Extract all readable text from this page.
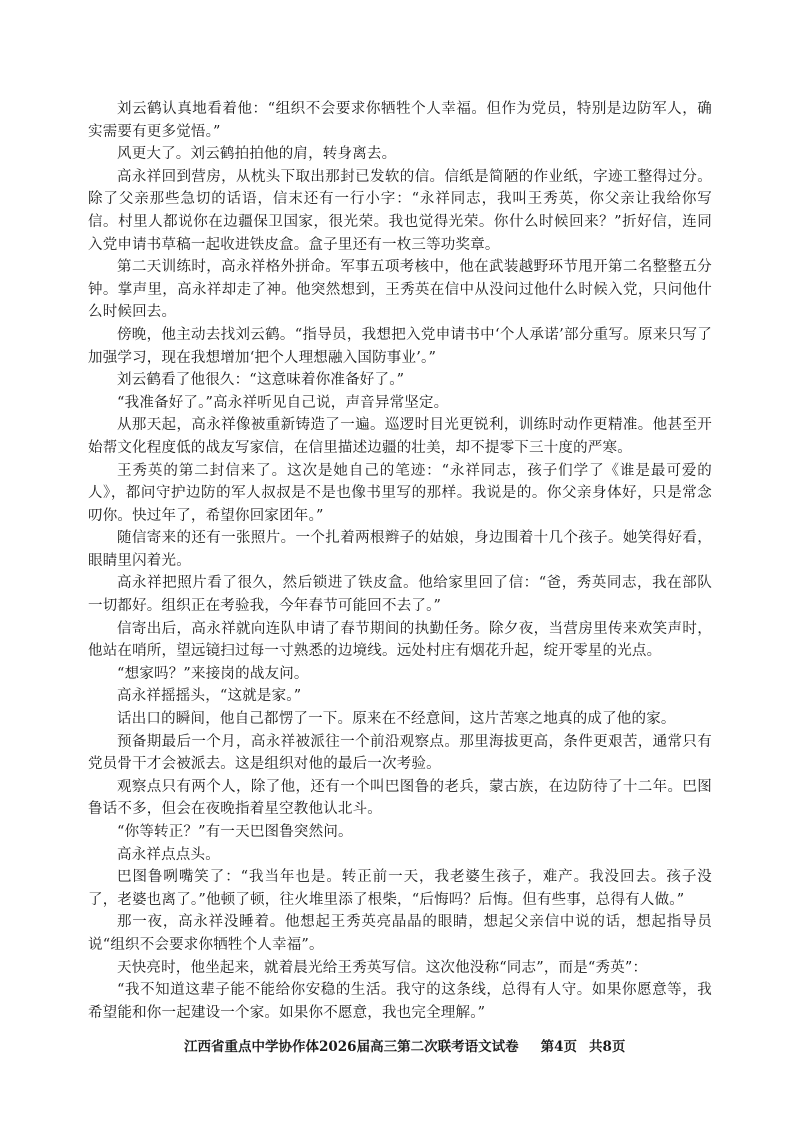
刘云鹤认真地看着他：“组织不会要求你牺牲个人幸福。但作为党员，特别是边防军人，确实需要有更多觉悟。”

风更大了。刘云鹤拍拍他的肩，转身离去。

高永祥回到营房，从枕头下取出那封已发软的信。信纸是简陋的作业纸，字迹工整得过分。除了父亲那些急切的话语，信末还有一行小字：“永祥同志，我叫王秀英，你父亲让我给你写信。村里人都说你在边疆保卫国家，很光荣。我也觉得光荣。你什么时候回来？”折好信，连同入党申请书草稿一起收进铁皮盒。盒子里还有一枚三等功奖章。

第二天训练时，高永祥格外拼命。军事五项考核中，他在武装越野环节甩开第二名整整五分钟。掌声里，高永祥却走了神。他突然想到，王秀英在信中从没问过他什么时候入党，只问他什么时候回去。

傍晚，他主动去找刘云鹤。“指导员，我想把入党申请书中‘个人承诺’部分重写。原来只写了加强学习，现在我想增加‘把个人理想融入国防事业’。”

刘云鹤看了他很久：“这意味着你准备好了。”

“我准备好了。”高永祥听见自己说，声音异常坚定。

从那天起，高永祥像被重新铸造了一遍。巡逻时目光更锐利，训练时动作更精准。他甚至开始帮文化程度低的战友写家信，在信里描述边疆的壮美，却不提零下三十度的严寒。

王秀英的第二封信来了。这次是她自己的笔迹：“永祥同志，孩子们学了《谁是最可爱的人》，都问守护边防的军人叔叔是不是也像书里写的那样。我说是的。你父亲身体好，只是常念叨你。快过年了，希望你回家团年。”

随信寄来的还有一张照片。一个扎着两根辫子的姑娘，身边围着十几个孩子。她笑得好看，眼睛里闪着光。

高永祥把照片看了很久，然后锁进了铁皮盒。他给家里回了信：“爸，秀英同志，我在部队一切都好。组织正在考验我，今年春节可能回不去了。”

信寄出后，高永祥就向连队申请了春节期间的执勤任务。除夕夜，当营房里传来欢笑声时，他站在哨所，望远镜扫过每一寸熟悉的边境线。远处村庄有烟花升起，绽开零星的光点。

“想家吗？”来接岗的战友问。

高永祥摇摇头，“这就是家。”

话出口的瞬间，他自己都愣了一下。原来在不经意间，这片苦寒之地真的成了他的家。

预备期最后一个月，高永祥被派往一个前沿观察点。那里海拔更高，条件更艰苦，通常只有党员骨干才会被派去。这是组织对他的最后一次考验。

观察点只有两个人，除了他，还有一个叫巴图鲁的老兵，蒙古族，在边防待了十二年。巴图鲁话不多，但会在夜晚指着星空教他认北斗。

“你等转正？”有一天巴图鲁突然问。

高永祥点点头。

巴图鲁咧嘴笑了：“我当年也是。转正前一天，我老婆生孩子，难产。我没回去。孩子没了，老婆也离了。”他顿了顿，往火堆里添了根柴，“后悔吗？后悔。但有些事，总得有人做。”

那一夜，高永祥没睡着。他想起王秀英亮晶晶的眼睛，想起父亲信中说的话，想起指导员说“组织不会要求你牺牲个人幸福”。

天快亮时，他坐起来，就着晨光给王秀英写信。这次他没称“同志”，而是“秀英”：

“我不知道这辈子能不能给你安稳的生活。我守的这条线，总得有人守。如果你愿意等，我希望能和你一起建设一个家。如果你不愿意，我也完全理解。”

江西省重点中学协作体2026届高三第二次联考语文试卷 第4页 共8页
